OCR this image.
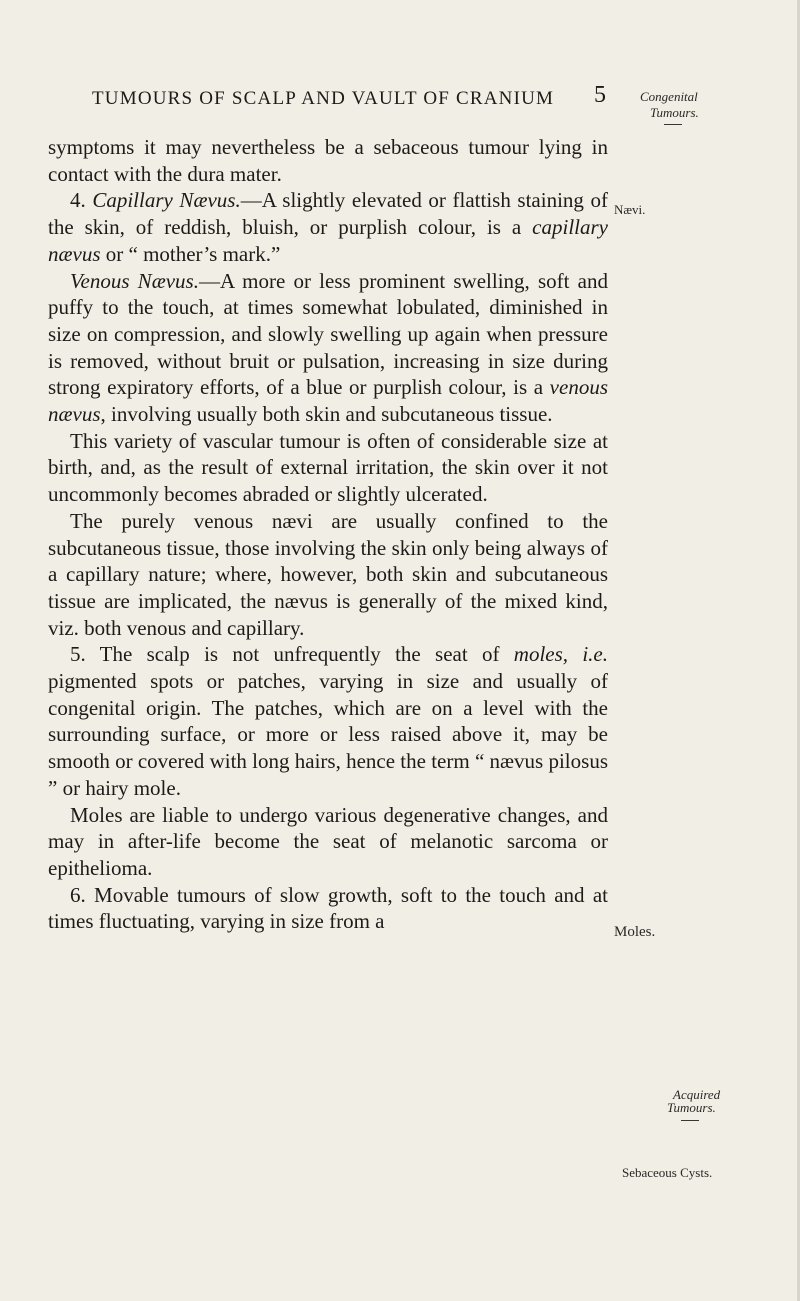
TUMOURS OF SCALP AND VAULT OF CRANIUM	5	Congenital
Tumours.
Nævi.
Moles.
Acquired
Tumours.
Sebaceous Cysts.

symptoms it may nevertheless be a sebaceous tumour lying in contact with the dura mater.

4. Capillary Nævus.—A slightly elevated or flattish staining of the skin, of reddish, bluish, or purplish colour, is a capillary nævus or “ mother’s mark.”

Venous Nævus.—A more or less prominent swelling, soft and puffy to the touch, at times somewhat lobulated, diminished in size on compression, and slowly swelling up again when pressure is removed, without bruit or pulsation, increasing in size during strong expiratory efforts, of a blue or purplish colour, is a venous nævus, involving usually both skin and subcutaneous tissue.

This variety of vascular tumour is often of considerable size at birth, and, as the result of external irritation, the skin over it not uncommonly becomes abraded or slightly ulcerated.

The purely venous nævi are usually confined to the subcutaneous tissue, those involving the skin only being always of a capillary nature; where, however, both skin and subcutaneous tissue are implicated, the nævus is generally of the mixed kind, viz. both venous and capillary.

5. The scalp is not unfrequently the seat of moles, i.e. pigmented spots or patches, varying in size and usually of congenital origin. The patches, which are on a level with the surrounding surface, or more or less raised above it, may be smooth or covered with long hairs, hence the term “ nævus pilosus ” or hairy mole.

Moles are liable to undergo various degenerative changes, and may in after-life become the seat of melanotic sarcoma or epithelioma.

6. Movable tumours of slow growth, soft to the touch and at times fluctuating, varying in size from a
